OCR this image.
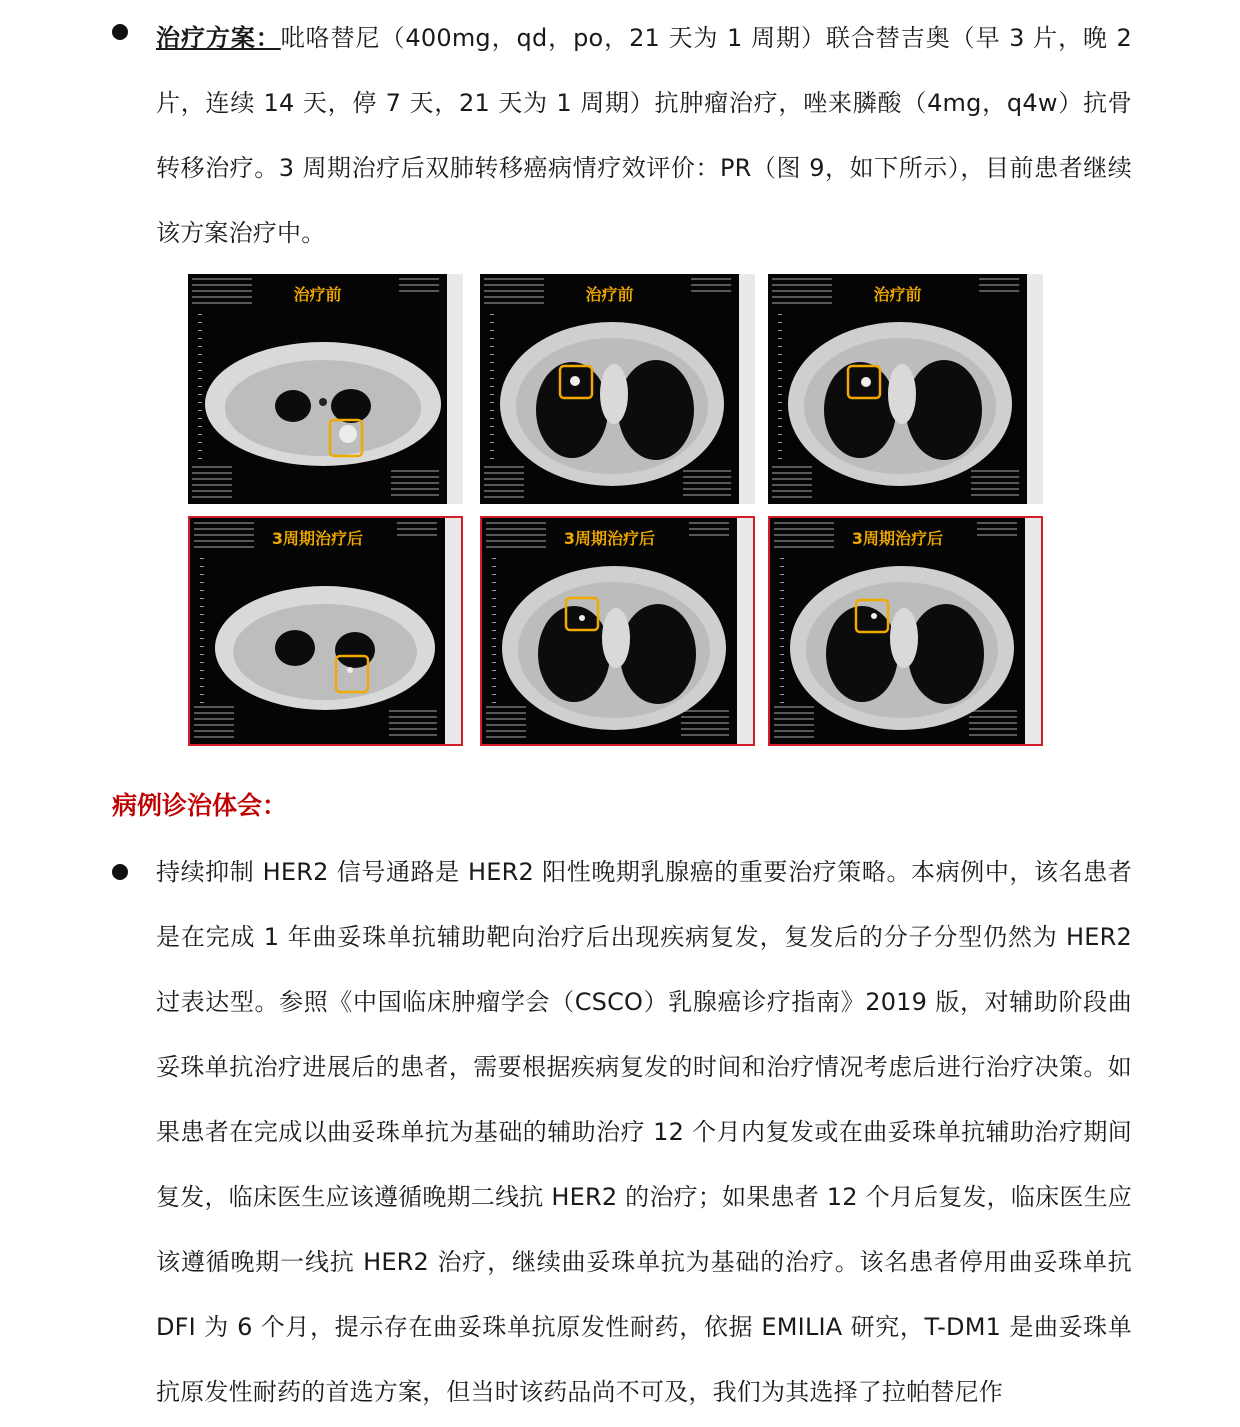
治疗方案：吡咯替尼（400mg，qd，po，21 天为 1 周期）联合替吉奥（早 3 片，晚 2 片，连续 14 天，停 7 天，21 天为 1 周期）抗肿瘤治疗，唑来膦酸（4mg，q4w）抗骨转移治疗。3 周期治疗后双肺转移癌病情疗效评价：PR（图 9，如下所示），目前患者继续该方案治疗中。
治疗前	治疗前	治疗前
3周期治疗后	3周期治疗后	3周期治疗后
病例诊治体会：
持续抑制 HER2 信号通路是 HER2 阳性晚期乳腺癌的重要治疗策略。本病例中，该名患者是在完成 1 年曲妥珠单抗辅助靶向治疗后出现疾病复发，复发后的分子分型仍然为 HER2 过表达型。参照《中国临床肿瘤学会（CSCO）乳腺癌诊疗指南》2019 版，对辅助阶段曲妥珠单抗治疗进展后的患者，需要根据疾病复发的时间和治疗情况考虑后进行治疗决策。如果患者在完成以曲妥珠单抗为基础的辅助治疗 12 个月内复发或在曲妥珠单抗辅助治疗期间复发，临床医生应该遵循晚期二线抗 HER2 的治疗；如果患者 12 个月后复发，临床医生应该遵循晚期一线抗 HER2 治疗，继续曲妥珠单抗为基础的治疗。该名患者停用曲妥珠单抗 DFI 为 6 个月，提示存在曲妥珠单抗原发性耐药，依据 EMILIA 研究，T-DM1 是曲妥珠单抗原发性耐药的首选方案，但当时该药品尚不可及，我们为其选择了拉帕替尼作
